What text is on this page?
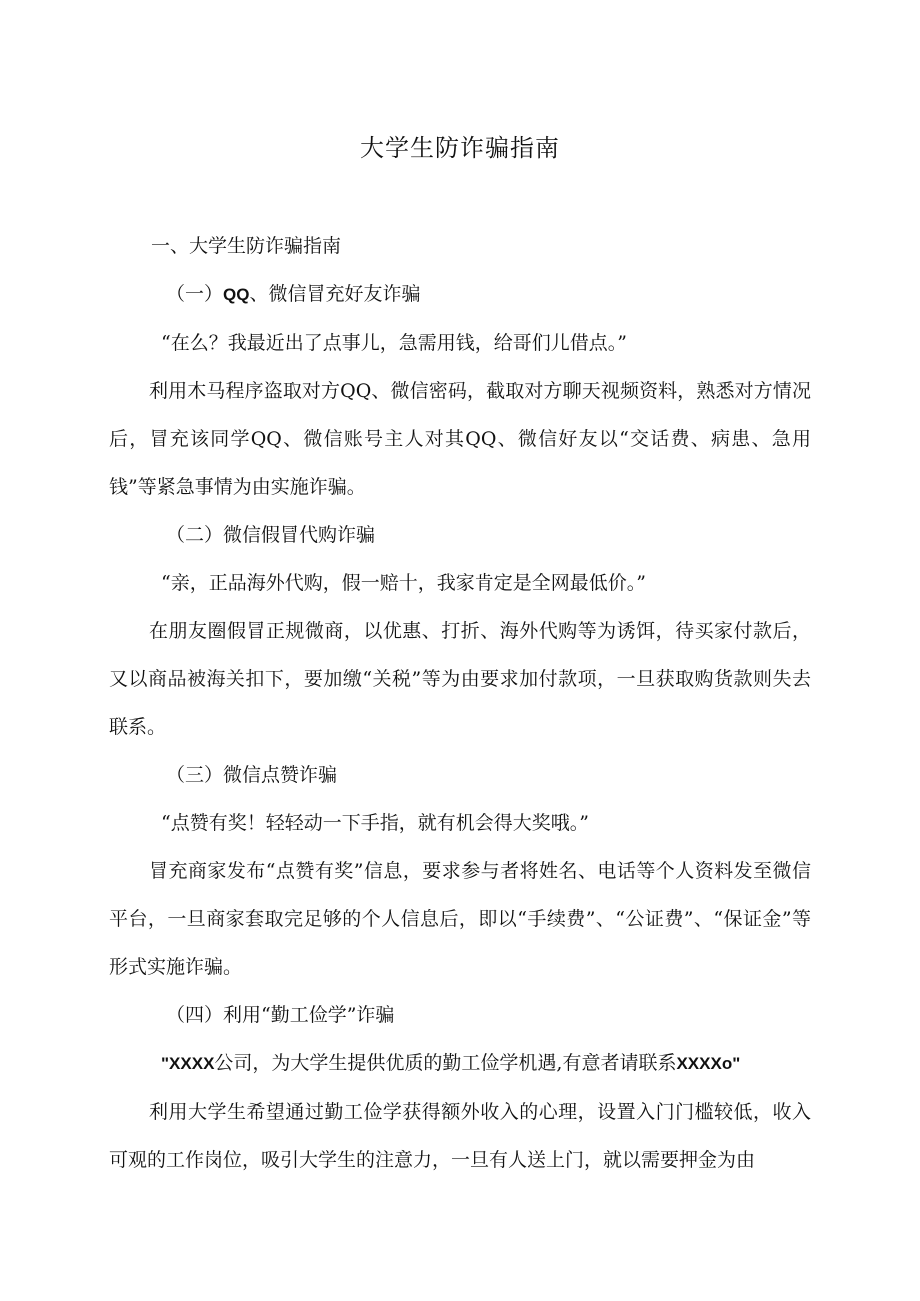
大学生防诈骗指南

一、大学生防诈骗指南

（一）QQ、微信冒充好友诈骗

“在么？我最近出了点事儿，急需用钱，给哥们儿借点。”

利用木马程序盗取对方QQ、微信密码，截取对方聊天视频资料，熟悉对方情况后，冒充该同学QQ、微信账号主人对其QQ、微信好友以“交话费、病患、急用钱”等紧急事情为由实施诈骗。

（二）微信假冒代购诈骗

“亲，正品海外代购，假一赔十，我家肯定是全网最低价。”

在朋友圈假冒正规微商，以优惠、打折、海外代购等为诱饵，待买家付款后，又以商品被海关扣下，要加缴“关税”等为由要求加付款项，一旦获取购货款则失去联系。

（三）微信点赞诈骗

“点赞有奖！轻轻动一下手指，就有机会得大奖哦。”

冒充商家发布“点赞有奖”信息，要求参与者将姓名、电话等个人资料发至微信平台，一旦商家套取完足够的个人信息后，即以“手续费”、“公证费”、“保证金”等形式实施诈骗。

（四）利用“勤工俭学”诈骗

"XXXX公司，为大学生提供优质的勤工俭学机遇,有意者请联系XXXXo"

利用大学生希望通过勤工俭学获得额外收入的心理，设置入门门槛较低，收入可观的工作岗位，吸引大学生的注意力，一旦有人送上门，就以需要押金为由
